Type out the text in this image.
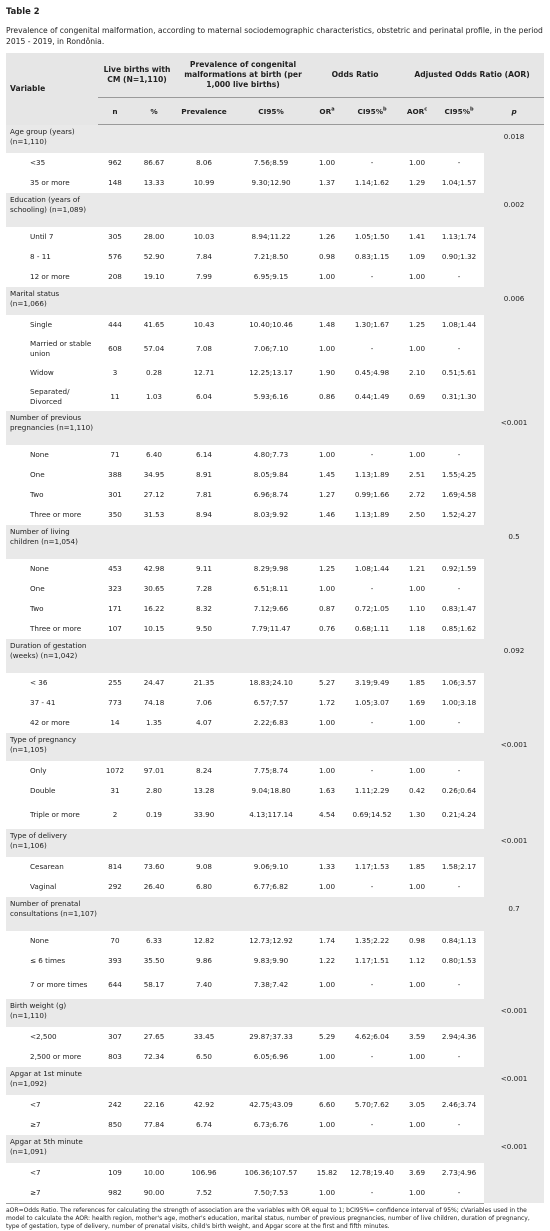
Table 2
Prevalence of congenital malformation, according to maternal sociodemographic characteristics, obstetric and perinatal profile, in the period 2015 - 2019, in Rondônia.
Variable	Live births with CM (N=1,110)		Prevalence of congenital malformations at birth (per 1,000 live births)		Odds Ratio		Adjusted Odds Ratio (AOR)		
	n	%	Prevalence	CI95%	$OR^a$	CI95%$^b$	AOR$^c$	CI95%$^b$	p
Age group (years) (n=1,110)									0.018
<35	962	86.67	8.06	7.56;8.59	1.00	-	1.00	-	
35 or more	148	13.33	10.99	9.30;12.90	1.37	1.14;1.62	1.29	1.04;1.57	
Education (years of schooling) (n=1,089)									0.002
Until 7	305	28.00	10.03	8.94;11.22	1.26	1.05;1.50	1.41	1.13;1.74	
8 - 11	576	52.90	7.84	7.21;8.50	0.98	0.83;1.15	1.09	0.90;1.32	
12 or more	208	19.10	7.99	6.95;9.15	1.00	-	1.00	-	
Marital status (n=1,066)									0.006
Single	444	41.65	10.43	10.40;10.46	1.48	1.30;1.67	1.25	1.08;1.44	
Married or stable union	608	57.04	7.08	7.06;7.10	1.00	-	1.00	-	
Widow	3	0.28	12.71	12.25;13.17	1.90	0.45;4.98	2.10	0.51;5.61	
Separated/ Divorced	11	1.03	6.04	5.93;6.16	0.86	0.44;1.49	0.69	0.31;1.30	
Number of previous pregnancies (n=1,110)									<0.001
None	71	6.40	6.14	4.80;7.73	1.00	-	1.00	-	
One	388	34.95	8.91	8.05;9.84	1.45	1.13;1.89	2.51	1.55;4.25	
Two	301	27.12	7.81	6.96;8.74	1.27	0.99;1.66	2.72	1.69;4.58	
Three or more	350	31.53	8.94	8.03;9.92	1.46	1.13;1.89	2.50	1.52;4.27	
Number of living children (n=1,054)									0.5
None	453	42.98	9.11	8.29;9.98	1.25	1.08;1.44	1.21	0.92;1.59	
One	323	30.65	7.28	6.51;8.11	1.00	-	1.00	-	
Two	171	16.22	8.32	7.12;9.66	0.87	0.72;1.05	1.10	0.83;1.47	
Three or more	107	10.15	9.50	7.79;11.47	0.76	0.68;1.11	1.18	0.85;1.62	
Duration of gestation (weeks) (n=1,042)									0.092
< 36	255	24.47	21.35	18.83;24.10	5.27	3.19;9.49	1.85	1.06;3.57	
37 - 41	773	74.18	7.06	6.57;7.57	1.72	1.05;3.07	1.69	1.00;3.18	
42 or more	14	1.35	4.07	2.22;6.83	1.00	-	1.00	-	
Type of pregnancy (n=1,105)									<0.001
Only	1072	97.01	8.24	7.75;8.74	1.00	-	1.00	-	
Double	31	2.80	13.28	9.04;18.80	1.63	1.11;2.29	0.42	0.26;0.64	
Triple or more	2	0.19	33.90	4.13;117.14	4.54	0.69;14.52	1.30	0.21;4.24	
Type of delivery (n=1,106)									<0.001
Cesarean	814	73.60	9.08	9.06;9.10	1.33	1.17;1.53	1.85	1.58;2.17	
Vaginal	292	26.40	6.80	6.77;6.82	1.00	-	1.00	-	
Number of prenatal consultations (n=1,107)									0.7
None	70	6.33	12.82	12.73;12.92	1.74	1.35;2.22	0.98	0.84;1.13	
≤ 6 times	393	35.50	9.86	9.83;9.90	1.22	1.17;1.51	1.12	0.80;1.53	
7 or more times	644	58.17	7.40	7.38;7.42	1.00	-	1.00	-	
Birth weight (g) (n=1,110)									<0.001
<2,500	307	27.65	33.45	29.87;37.33	5.29	4.62;6.04	3.59	2.94;4.36	
2,500 or more	803	72.34	6.50	6.05;6.96	1.00	-	1.00	-	
Apgar at 1st minute (n=1,092)									<0.001
<7	242	22.16	42.92	42.75;43.09	6.60	5.70;7.62	3.05	2.46;3.74	
≥7	850	77.84	6.74	6.73;6.76	1.00	-	1.00	-	
Apgar at 5th minute (n=1,091)									<0.001
<7	109	10.00	106.96	106.36;107.57	15.82	12.78;19.40	3.69	2.73;4.96	
≥7	982	90.00	7.52	7.50;7.53	1.00	-	1.00	-	
aOR=Odds Ratio. The references for calculating the strength of association are the variables with OR equal to 1; bCI95%= confidence interval of 95%; cVariables used in the model to calculate the AOR: health region, mother's age, mother's education, marital status, number of previous pregnancies, number of live children, duration of pregnancy, type of gestation, type of delivery, number of prenatal visits, child's birth weight, and Apgar score at the first and fifth minutes.
